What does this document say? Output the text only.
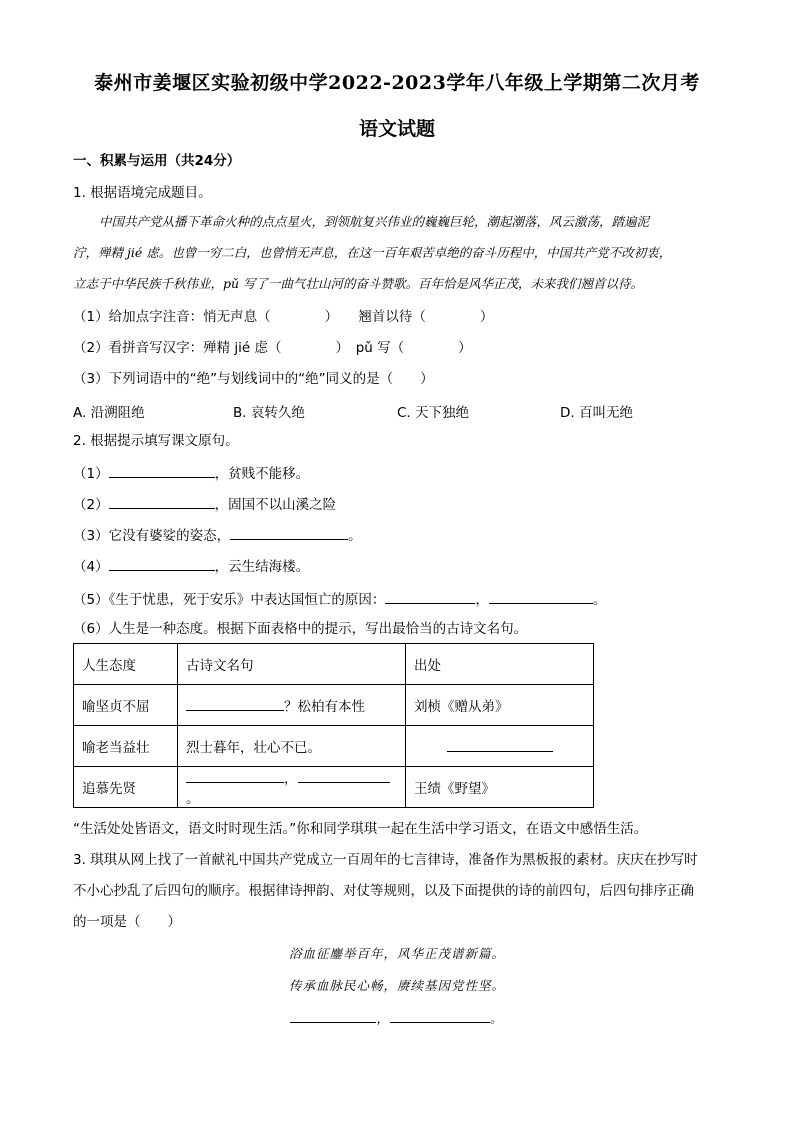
泰州市姜堰区实验初级中学2022-2023学年八年级上学期第二次月考
语文试题
一、积累与运用（共24分）
1. 根据语境完成题目。
中国共产党从播下革命火种的点点星火，到领航复兴伟业的巍巍巨轮，潮起潮落，风云激荡，踏遍泥
泞，殚精 jié 虑。也曾一穷二白，也曾悄无声息，在这一百年艰苦卓绝的奋斗历程中，中国共产党不改初衷，
立志于中华民族千秋伟业，pǔ 写了一曲气壮山河的奋斗赞歌。百年恰是风华正茂，未来我们翘首以待。
（1）给加点字注音：悄无声息（　　　　）　　翘首以待（　　　　）
（2）看拼音写汉字：殚精 jié 虑（　　　　）　pǔ 写（　　　　）
（3）下列词语中的“绝”与划线词中的“绝”同义的是（　　）
A. 沿溯阻绝	B. 哀转久绝	C. 天下独绝	D. 百叫无绝
2. 根据提示填写课文原句。
（1）	，贫贱不能移。
（2）	，固国不以山溪之险
（3）它没有婆娑的姿态，	。
（4）	，云生结海楼。
（5）《生于忧患，死于安乐》中表达国恒亡的原因：	，	。
（6）人生是一种态度。根据下面表格中的提示，写出最恰当的古诗文名句。
人生态度	古诗文名句	出处
喻坚贞不屈	？松柏有本性	刘桢《赠从弟》
喻老当益壮	烈士暮年，壮心不已。	
追慕先贤	，。	王绩《野望》
“生活处处皆语文，语文时时现生活。”你和同学琪琪一起在生活中学习语文，在语文中感悟生活。
3. 琪琪从网上找了一首献礼中国共产党成立一百周年的七言律诗，准备作为黑板报的素材。庆庆在抄写时
不小心抄乱了后四句的顺序。根据律诗押韵、对仗等规则，以及下面提供的诗的前四句，后四句排序正确
的一项是（　　）
浴血征鏖举百年，风华正茂谱新篇。
传承血脉民心畅，赓续基因党性坚。
，	。
